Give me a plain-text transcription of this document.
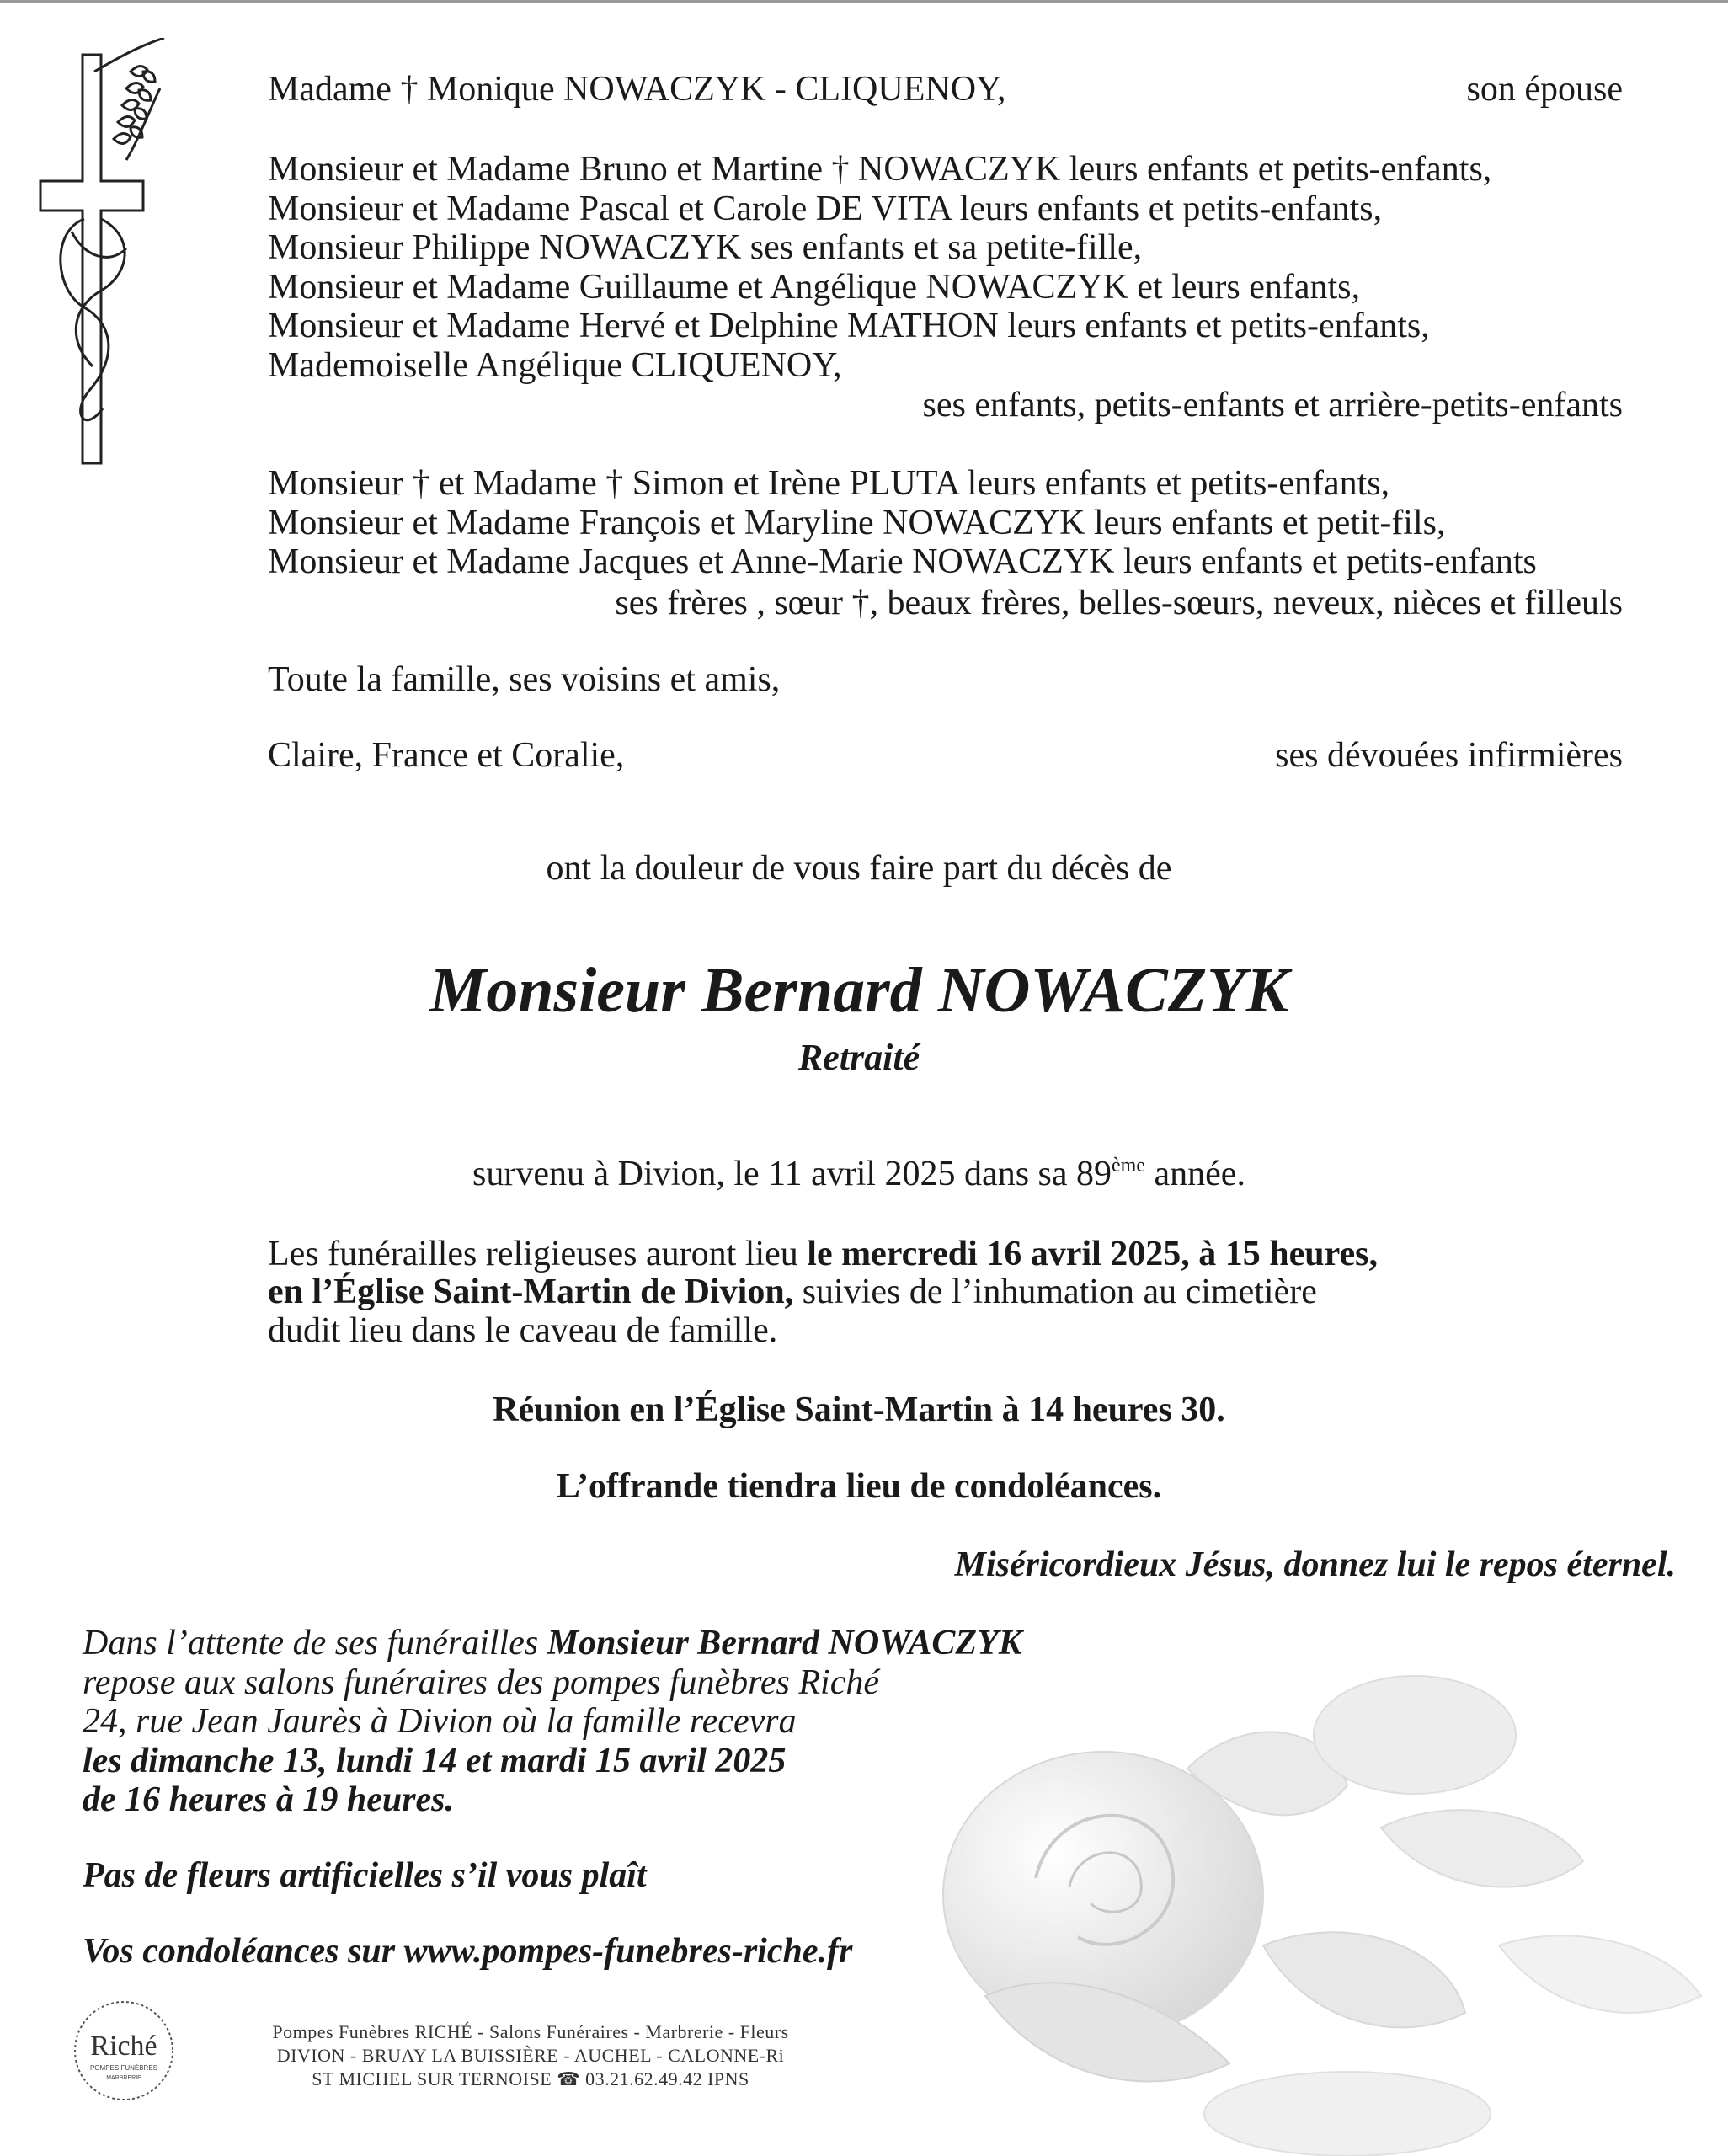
Madame † Monique NOWACZYK - CLIQUENOY,	son épouse
Monsieur et Madame Bruno et Martine † NOWACZYK leurs enfants et petits-enfants,
Monsieur et Madame Pascal et Carole DE VITA leurs enfants et petits-enfants,
Monsieur Philippe NOWACZYK ses enfants et sa petite-fille,
Monsieur et Madame Guillaume et Angélique NOWACZYK et leurs enfants,
Monsieur et Madame Hervé et Delphine MATHON leurs enfants et petits-enfants,
Mademoiselle Angélique CLIQUENOY,
ses enfants, petits-enfants et arrière-petits-enfants
Monsieur † et Madame † Simon et Irène PLUTA leurs enfants et petits-enfants,
Monsieur et Madame François et Maryline NOWACZYK leurs enfants et petit-fils,
Monsieur et Madame Jacques et Anne-Marie NOWACZYK leurs enfants et petits-enfants
ses frères , sœur †, beaux frères, belles-sœurs, neveux, nièces et filleuls
Toute la famille, ses voisins et amis,
Claire, France et Coralie,	ses dévouées infirmières
ont la douleur de vous faire part du décès de
Monsieur Bernard NOWACZYK
Retraité
survenu à Divion, le 11 avril 2025 dans sa 89ème année.
Les funérailles religieuses auront lieu le mercredi 16 avril 2025, à 15 heures,
en l’Église Saint-Martin de Divion, suivies de l’inhumation au cimetière
dudit lieu dans le caveau de famille.
Réunion en l’Église Saint-Martin à 14 heures 30.
L’offrande tiendra lieu de condoléances.
Miséricordieux Jésus, donnez lui le repos éternel.
Dans l’attente de ses funérailles Monsieur Bernard NOWACZYK
repose aux salons funéraires des pompes funèbres Riché
24, rue Jean Jaurès à Divion où la famille recevra
les dimanche 13, lundi 14 et mardi 15 avril 2025
de 16 heures à 19 heures.
Pas de fleurs artificielles s’il vous plaît
Vos condoléances sur www.pompes-funebres-riche.fr
Riché
POMPES FUNÈBRES
MARBRERIE
Pompes Funèbres RICHÉ - Salons Funéraires - Marbrerie - Fleurs
DIVION - BRUAY LA BUISSIÈRE - AUCHEL - CALONNE-Ri
ST MICHEL SUR TERNOISE ☎ 03.21.62.49.42 IPNS
